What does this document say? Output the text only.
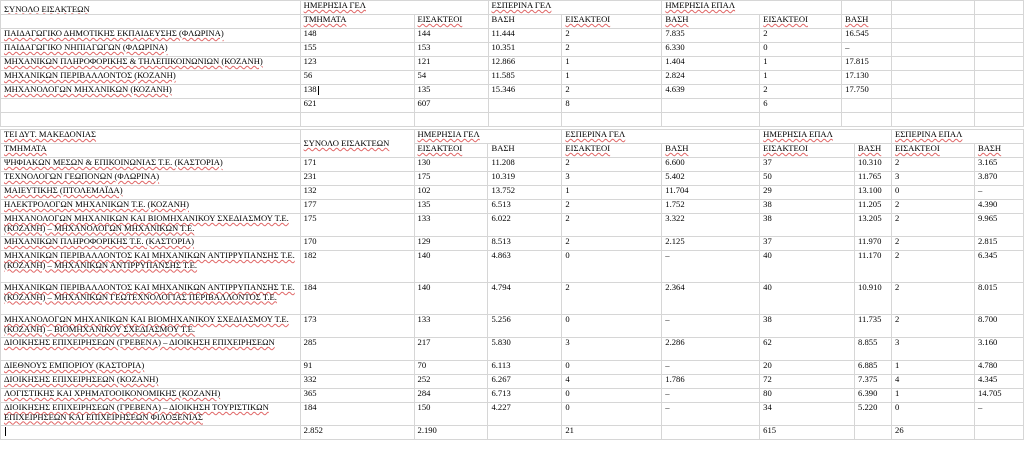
ΣΥΝΟΛΟ ΕΙΣΑΚΤΕΩΝ	ΗΜΕΡΗΣΙΑ ΓΕΛ		ΕΣΠΕΡΙΝΑ ΓΕΛ		ΗΜΕΡΗΣΙΑ ΕΠΑΛ				
	ΤΜΗΜΑΤΑ	ΕΙΣΑΚΤΕΟΙ	ΒΑΣΗ	ΕΙΣΑΚΤΕΟΙ	ΒΑΣΗ	ΕΙΣΑΚΤΕΟΙ	ΒΑΣΗ		
ΠΑΙΔΑΓΩΓΙΚΟ ΔΗΜΟΤΙΚΗΣ ΕΚΠΑΙΔΕΥΣΗΣ (ΦΛΩΡΙΝΑ)	148	144	11.444	2	7.835	2	16.545		
ΠΑΙΔΑΓΩΓΙΚΟ ΝΗΠΙΑΓΩΓΩΝ (ΦΛΩΡΙΝΑ)	155	153	10.351	2	6.330	0	–		
ΜΗΧΑΝΙΚΩΝ ΠΛΗΡΟΦΟΡΙΚΗΣ & ΤΗΛΕΠΙΚΟΙΝΩΝΙΩΝ (ΚΟΖΑΝΗ)	123	121	12.866	1	1.404	1	17.815		
ΜΗΧΑΝΙΚΩΝ ΠΕΡΙΒΑΛΛΟΝΤΟΣ (ΚΟΖΑΝΗ)	56	54	11.585	1	2.824	1	17.130		
ΜΗΧΑΝΟΛΟΓΩΝ ΜΗΧΑΝΙΚΩΝ (ΚΟΖΑΝΗ)	138	135	15.346	2	4.639	2	17.750		
	621	607		8		6			

ΤΕΙ ΔΥΤ. ΜΑΚΕΔΟΝΙΑΣ	ΣΥΝΟΛΟ ΕΙΣΑΚΤΕΩΝ	ΗΜΕΡΗΣΙΑ ΓΕΛ		ΕΣΠΕΡΙΝΑ ΓΕΛ		ΗΜΕΡΗΣΙΑ ΕΠΑΛ		ΕΣΠΕΡΙΝΑ ΕΠΑΛ	
ΤΜΗΜΑΤΑ		ΕΙΣΑΚΤΕΟΙ	ΒΑΣΗ	ΕΙΣΑΚΤΕΟΙ	ΒΑΣΗ	ΕΙΣΑΚΤΕΟΙ	ΒΑΣΗ	ΕΙΣΑΚΤΕΟΙ	ΒΑΣΗ
ΨΗΦΙΑΚΩΝ ΜΕΣΩΝ & ΕΠΙΚΟΙΝΩΝΙΑΣ Τ.Ε. (ΚΑΣΤΟΡΙΑ)	171	130	11.208	2	6.600	37	10.310	2	3.165
ΤΕΧΝΟΛΟΓΩΝ ΓΕΩΠΟΝΩΝ (ΦΛΩΡΙΝΑ)	231	175	10.319	3	5.402	50	11.765	3	3.870
ΜΑΙΕΥΤΙΚΗΣ (ΠΤΟΛΕΜΑΪΔΑ)	132	102	13.752	1	11.704	29	13.100	0	–
ΗΛΕΚΤΡΟΛΟΓΩΝ ΜΗΧΑΝΙΚΩΝ Τ.Ε. (ΚΟΖΑΝΗ)	177	135	6.513	2	1.752	38	11.205	2	4.390
ΜΗΧΑΝΟΛΟΓΩΝ ΜΗΧΑΝΙΚΩΝ ΚΑΙ ΒΙΟΜΗΧΑΝΙΚΟΥ ΣΧΕΔΙΑΣΜΟΥ Τ.Ε. (ΚΟΖΑΝΗ) – ΜΗΧΑΝΟΛΟΓΩΝ ΜΗΧΑΝΙΚΩΝ Τ.Ε.	175	133	6.022	2	3.322	38	13.205	2	9.965
ΜΗΧΑΝΙΚΩΝ ΠΛΗΡΟΦΟΡΙΚΗΣ Τ.Ε. (ΚΑΣΤΟΡΙΑ)	170	129	8.513	2	2.125	37	11.970	2	2.815
ΜΗΧΑΝΙΚΩΝ ΠΕΡΙΒΑΛΛΟΝΤΟΣ ΚΑΙ ΜΗΧΑΝΙΚΩΝ ΑΝΤΙΡΡΥΠΑΝΣΗΣ Τ.Ε. (ΚΟΖΑΝΗ) – ΜΗΧΑΝΙΚΩΝ ΑΝΤΙΡΡΥΠΑΝΣΗΣ Τ.Ε.	182	140	4.863	0	–	40	11.170	2	6.345
ΜΗΧΑΝΙΚΩΝ ΠΕΡΙΒΑΛΛΟΝΤΟΣ ΚΑΙ ΜΗΧΑΝΙΚΩΝ ΑΝΤΙΡΡΥΠΑΝΣΗΣ Τ.Ε. (ΚΟΖΑΝΗ) – ΜΗΧΑΝΙΚΩΝ ΓΕΩΤΕΧΝΟΛΟΓΙΑΣ ΠΕΡΙΒΑΛΛΟΝΤΟΣ Τ.Ε.	184	140	4.794	2	2.364	40	10.910	2	8.015
ΜΗΧΑΝΟΛΟΓΩΝ ΜΗΧΑΝΙΚΩΝ ΚΑΙ ΒΙΟΜΗΧΑΝΙΚΟΥ ΣΧΕΔΙΑΣΜΟΥ Τ.Ε. (ΚΟΖΑΝΗ) – ΒΙΟΜΗΧΑΝΙΚΟΥ ΣΧΕΔΙΑΣΜΟΥ Τ.Ε.	173	133	5.256	0	–	38	11.735	2	8.700
ΔΙΟΙΚΗΣΗΣ ΕΠΙΧΕΙΡΗΣΕΩΝ (ΓΡΕΒΕΝΑ) – ΔΙΟΙΚΗΣΗ ΕΠΙΧΕΙΡΗΣΕΩΝ	285	217	5.830	3	2.286	62	8.855	3	3.160
ΔΙΕΘΝΟΥΣ ΕΜΠΟΡΙΟΥ (ΚΑΣΤΟΡΙΑ)	91	70	6.113	0	–	20	6.885	1	4.780
ΔΙΟΙΚΗΣΗΣ ΕΠΙΧΕΙΡΗΣΕΩΝ (ΚΟΖΑΝΗ)	332	252	6.267	4	1.786	72	7.375	4	4.345
ΛΟΓΙΣΤΙΚΗΣ ΚΑΙ ΧΡΗΜΑΤΟΟΙΚΟΝΟΜΙΚΗΣ (ΚΟΖΑΝΗ)	365	284	6.713	0	–	80	6.390	1	14.705
ΔΙΟΙΚΗΣΗΣ ΕΠΙΧΕΙΡΗΣΕΩΝ (ΓΡΕΒΕΝΑ) – ΔΙΟΙΚΗΣΗ ΤΟΥΡΙΣΤΙΚΩΝ ΕΠΙΧΕΙΡΗΣΕΩΝ ΚΑΙ ΕΠΙΧΕΙΡΗΣΕΩΝ ΦΙΛΟΞΕΝΙΑΣ	184	150	4.227	0	–	34	5.220	0	–
	2.852	2.190		21		615		26	
